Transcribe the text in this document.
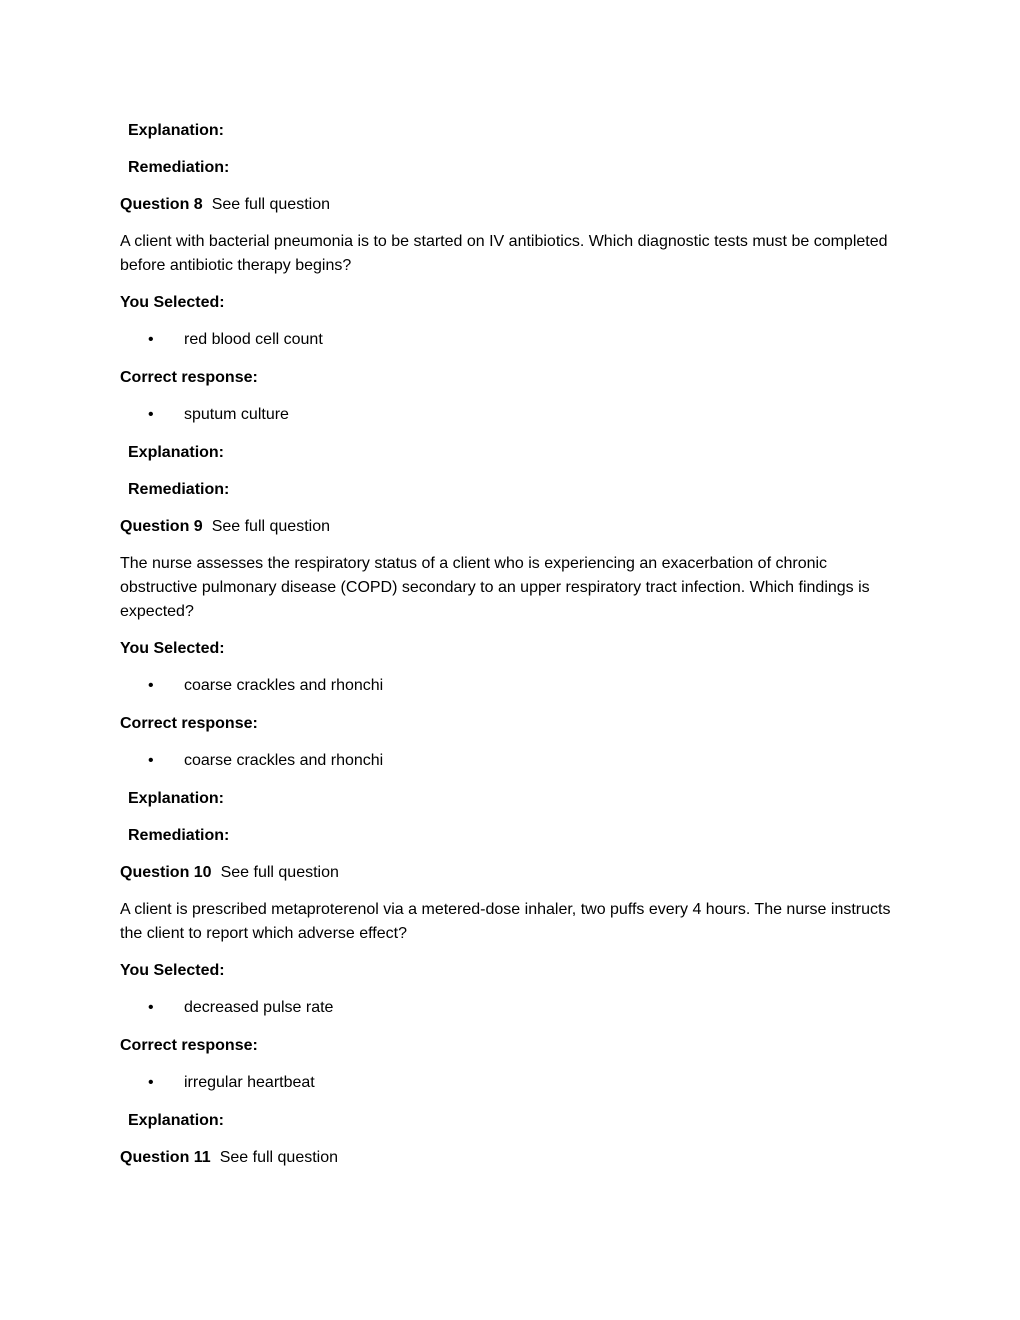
Explanation:

Remediation:

Question 8 See full question

A client with bacterial pneumonia is to be started on IV antibiotics. Which diagnostic tests must be completed before antibiotic therapy begins?

You Selected:

• red blood cell count

Correct response:

• sputum culture

Explanation:

Remediation:

Question 9 See full question

The nurse assesses the respiratory status of a client who is experiencing an exacerbation of chronic obstructive pulmonary disease (COPD) secondary to an upper respiratory tract infection. Which findings is expected?

You Selected:

• coarse crackles and rhonchi

Correct response:

• coarse crackles and rhonchi

Explanation:

Remediation:

Question 10 See full question

A client is prescribed metaproterenol via a metered-dose inhaler, two puffs every 4 hours. The nurse instructs the client to report which adverse effect?

You Selected:

• decreased pulse rate

Correct response:

• irregular heartbeat

Explanation:

Question 11 See full question
